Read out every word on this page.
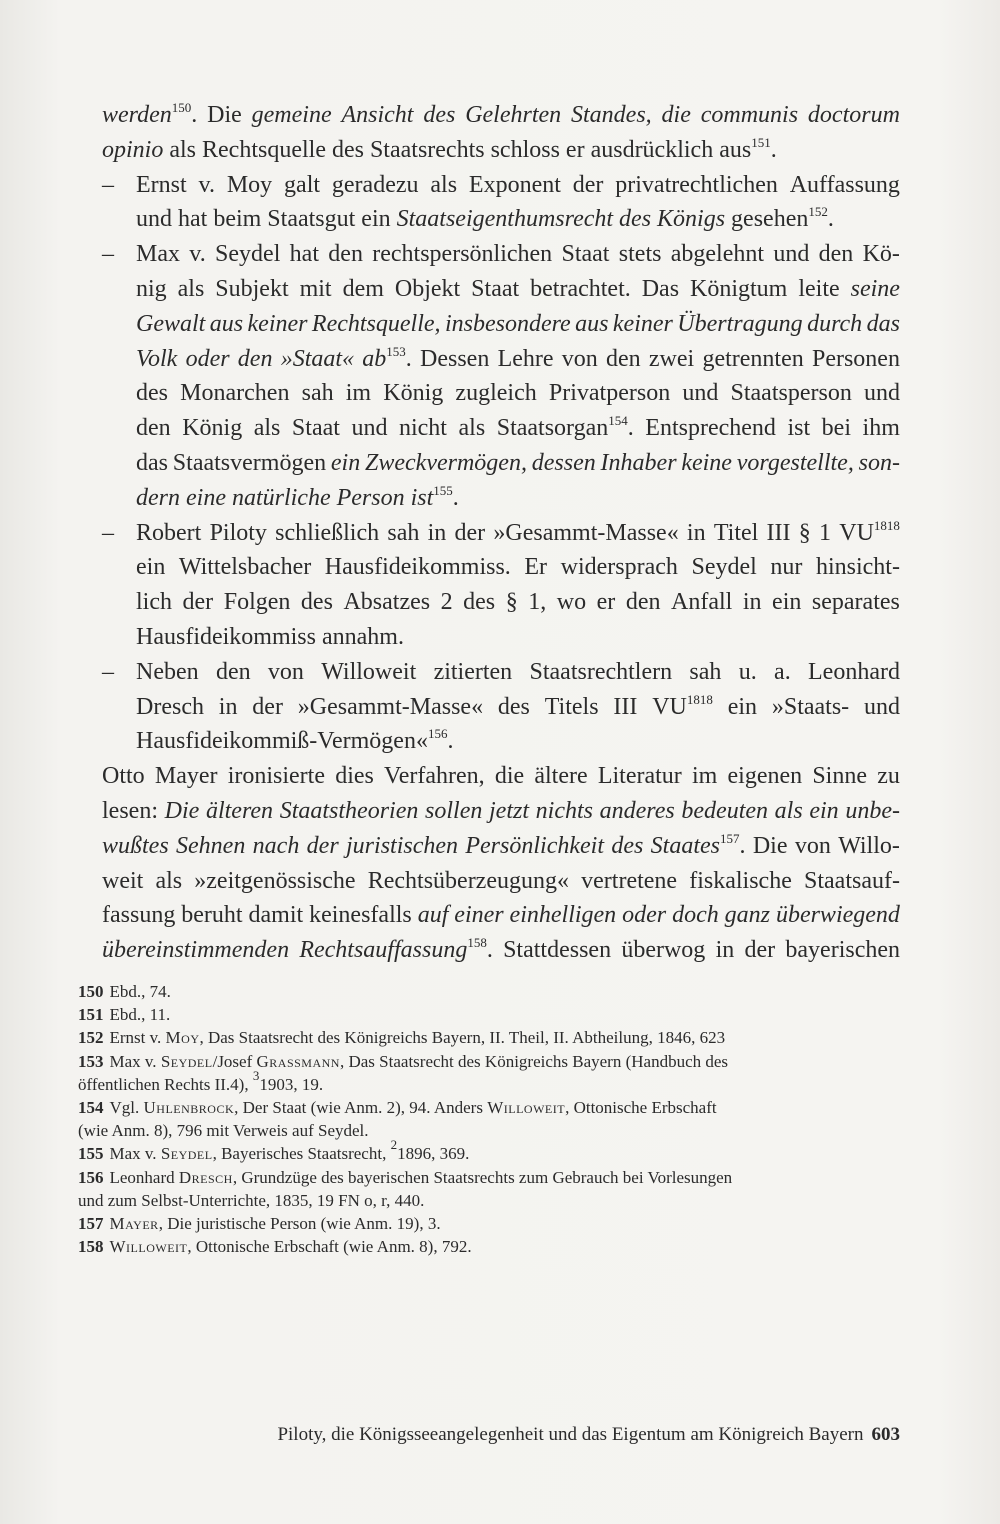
werden$^{150}$. Die gemeine Ansicht des Gelehrten Standes, die communis doctorum
opinio als Rechtsquelle des Staatsrechts schloss er ausdrücklich aus$^{151}$.
– Ernst v. Moy galt geradezu als Exponent der privatrechtlichen Auffassung
und hat beim Staatsgut ein Staatseigenthumsrecht des Königs gesehen$^{152}$.
– Max v. Seydel hat den rechtspersönlichen Staat stets abgelehnt und den Kö-
nig als Subjekt mit dem Objekt Staat betrachtet. Das Königtum leite seine
Gewalt aus keiner Rechtsquelle, insbesondere aus keiner Übertragung durch das
Volk oder den »Staat« $ab^{153}$. Dessen Lehre von den zwei getrennten Personen
des Monarchen sah im König zugleich Privatperson und Staatsperson und
den König als Staat und nicht als Staatsorgan$^{154}$. Entsprechend ist bei ihm
das Staatsvermögen ein Zweckvermögen, dessen Inhaber keine vorgestellte, son-
dern eine natürliche Person ist$^{155}$.
– Robert Piloty schließlich sah in der »Gesammt-Masse« in Titel III § 1 $VU^{1818}$
ein Wittelsbacher Hausfideikommiss. Er widersprach Seydel nur hinsicht-
lich der Folgen des Absatzes 2 des § 1, wo er den Anfall in ein separates
Hausfideikommiss annahm.
– Neben den von Willoweit zitierten Staatsrechtlern sah u. a. Leonhard
Dresch in der »Gesammt-Masse« des Titels III $VU^{1818}$ ein »Staats- und
Hausfideikommiß-Vermögen«$^{156}$.
Otto Mayer ironisierte dies Verfahren, die ältere Literatur im eigenen Sinne zu
lesen: Die älteren Staatstheorien sollen jetzt nichts anderes bedeuten als ein unbe-
wußtes Sehnen nach der juristischen Persönlichkeit des Staates$^{157}$. Die von Willo-
weit als »zeitgenössische Rechtsüberzeugung« vertretene fiskalische Staatsauf-
fassung beruht damit keinesfalls auf einer einhelligen oder doch ganz überwiegend
übereinstimmenden Rechtsauffassung$^{158}$. Stattdessen überwog in der bayerischen
150 Ebd., 74.
151 Ebd., 11.
152 Ernst v. Moy, Das Staatsrecht des Königreichs Bayern, II. Theil, II. Abtheilung, 1846, 623
153 Max v. Seydel/Josef Grassmann, Das Staatsrecht des Königreichs Bayern (Handbuch des
öffentlichen Rechts II.4), $^3$1903, 19.
154 Vgl. Uhlenbrock, Der Staat (wie Anm. 2), 94. Anders Willoweit, Ottonische Erbschaft
(wie Anm. 8), 796 mit Verweis auf Seydel.
155 Max v. Seydel, Bayerisches Staatsrecht, $^2$1896, 369.
156 Leonhard Dresch, Grundzüge des bayerischen Staatsrechts zum Gebrauch bei Vorlesungen
und zum Selbst-Unterrichte, 1835, 19 FN o, r, 440.
157 Mayer, Die juristische Person (wie Anm. 19), 3.
158 Willoweit, Ottonische Erbschaft (wie Anm. 8), 792.
Piloty, die Königsseeangelegenheit und das Eigentum am Königreich Bayern 603
